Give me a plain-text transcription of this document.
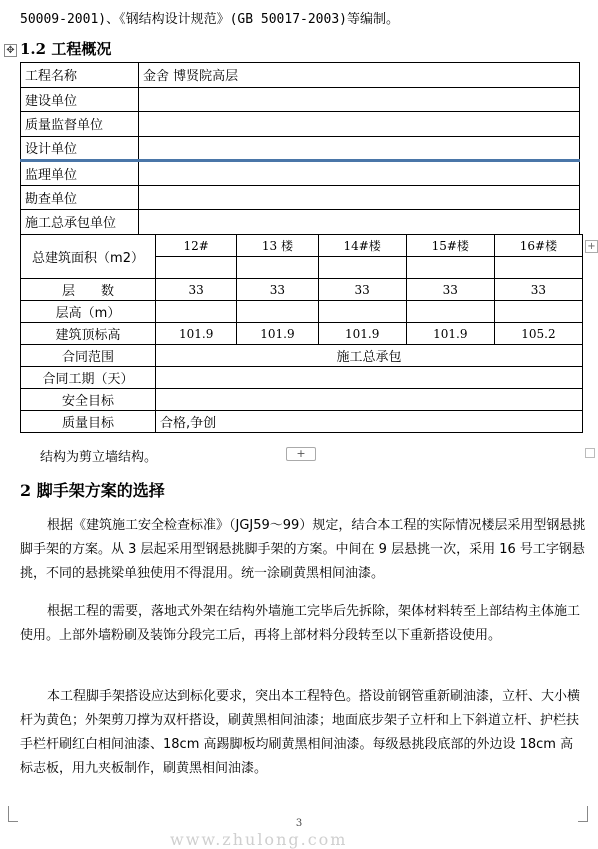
50009-2001)、《钢结构设计规范》(GB 50017-2003)等编制。
✥ 1.2 工程概况
工程名称	金舍 博贤院高层
建设单位	
质量监督单位	
设计单位	
监理单位	
勘查单位	
施工总承包单位	
+
总建筑面积（m2）	12#	13 楼	14#楼	15#楼	16#楼

层　　数	33	33	33	33	33
层高（m）					
建筑顶标高	101.9	101.9	101.9	101.9	105.2
合同范围	施工总承包				
合同工期（天）					
安全目标					
质量目标	合格,争创				
结构为剪立墙结构。	+
2 脚手架方案的选择

根据《建筑施工安全检查标准》（JGJ59～99）规定，结合本工程的实际情况楼层采用型钢悬挑脚手架的方案。从 3 层起采用型钢悬挑脚手架的方案。中间在 9 层悬挑一次，采用 16 号工字钢悬挑，不同的悬挑梁单独使用不得混用。统一涂刷黄黑相间油漆。

根据工程的需要，落地式外架在结构外墙施工完毕后先拆除，架体材料转至上部结构主体施工使用。上部外墙粉刷及装饰分段完工后，再将上部材料分段转至以下重新搭设使用。

本工程脚手架搭设应达到标化要求，突出本工程特色。搭设前钢管重新刷油漆，立杆、大小横杆为黄色；外架剪刀撑为双杆搭设，刷黄黑相间油漆；地面底步架子立杆和上下斜道立杆、护栏扶手栏杆刷红白相间油漆、18cm 高踢脚板均刷黄黑相间油漆。每级悬挑段底部的外边设 18cm 高标志板，用九夹板制作，刷黄黑相间油漆。

3
www.zhulong.com
